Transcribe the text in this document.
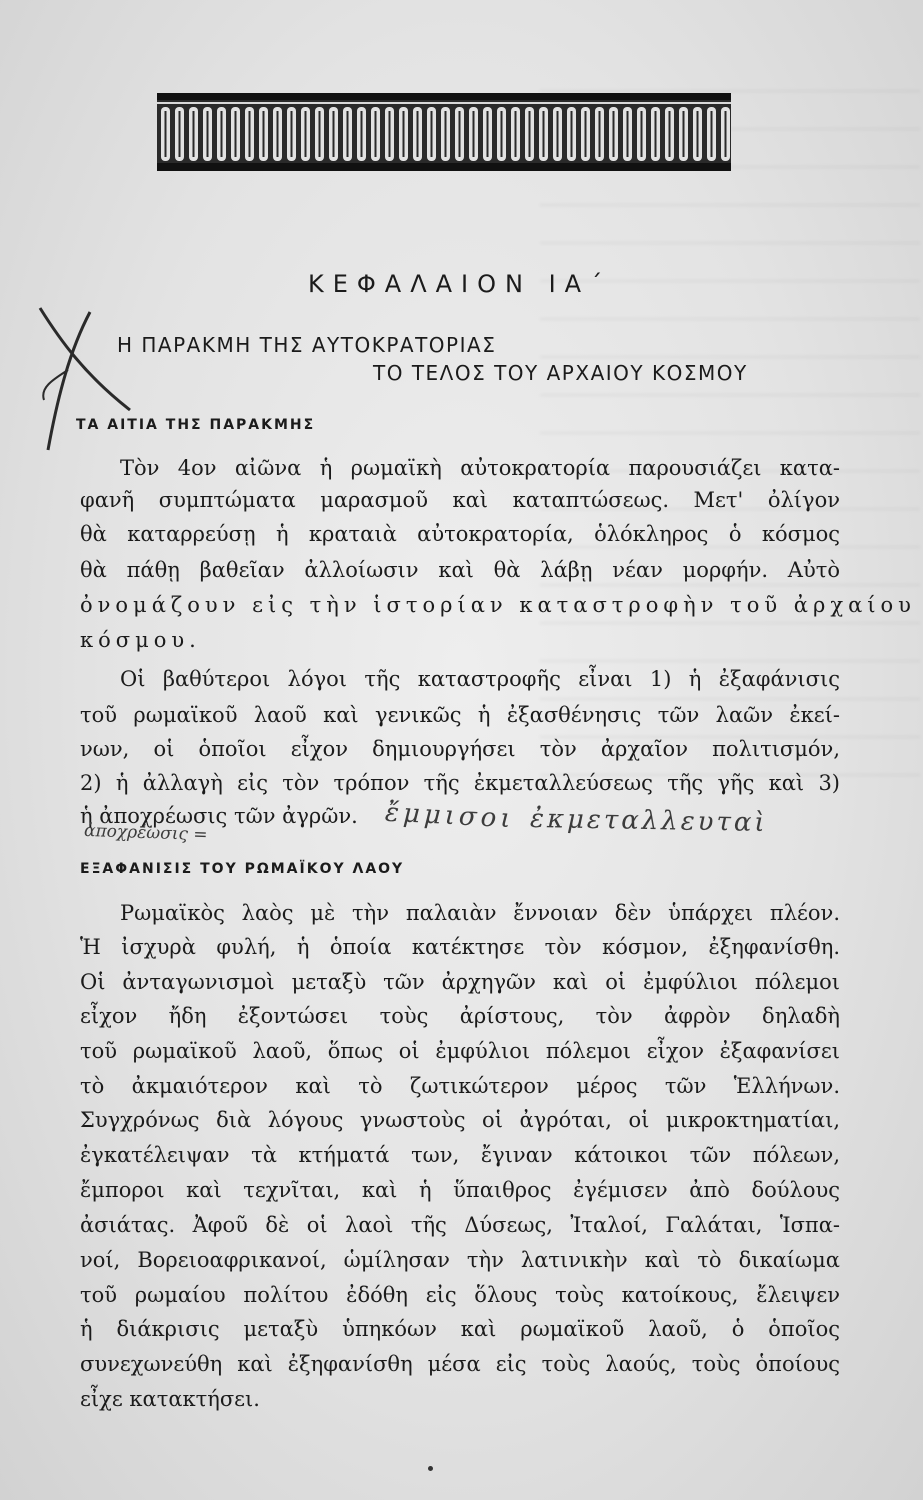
ΚΕΦΑΛΑΙΟΝ ΙΑ΄
Η ΠΑΡΑΚΜΗ ΤΗΣ ΑΥΤΟΚΡΑΤΟΡΙΑΣ
ΤΟ ΤΕΛΟΣ ΤΟΥ ΑΡΧΑΙΟΥ ΚΟΣΜΟΥ
ΤΑ ΑΙΤΙΑ ΤΗΣ ΠΑΡΑΚΜΗΣ
Τὸν 4ον αἰῶνα ἡ ρωμαϊκὴ αὐτοκρατορία παρουσιάζει κατα-
φανῆ συμπτώματα μαρασμοῦ καὶ καταπτώσεως. Μετ' ὀλίγον
θὰ καταρρεύσῃ ἡ κραταιὰ αὐτοκρατορία, ὁλόκληρος ὁ κόσμος
θὰ πάθῃ βαθεῖαν ἀλλοίωσιν καὶ θὰ λάβῃ νέαν μορφήν. Αὐτὸ
ὀνομάζουν εἰς τὴν ἱστορίαν καταστροφὴν τοῦ ἀρχαίου
κόσμου.
Οἱ βαθύτεροι λόγοι τῆς καταστροφῆς εἶναι 1) ἡ ἐξαφάνισις
τοῦ ρωμαϊκοῦ λαοῦ καὶ γενικῶς ἡ ἐξασθένησις τῶν λαῶν ἐκεί-
νων, οἱ ὁποῖοι εἶχον δημιουργήσει τὸν ἀρχαῖον πολιτισμόν,
2) ἡ ἀλλαγὴ εἰς τὸν τρόπον τῆς ἐκμεταλλεύσεως τῆς γῆς καὶ 3)
ἡ ἀποχρέωσις τῶν ἀγρῶν.
ἀποχρέωσις =	ἔμμισοι ἐκμεταλλευταὶ
ΕΞΑΦΑΝΙΣΙΣ ΤΟΥ ΡΩΜΑΪΚΟΥ ΛΑΟΥ
Ρωμαϊκὸς λαὸς μὲ τὴν παλαιὰν ἔννοιαν δὲν ὑπάρχει πλέον.
Ἡ ἰσχυρὰ φυλή, ἡ ὁποία κατέκτησε τὸν κόσμον, ἐξηφανίσθη.
Οἱ ἀνταγωνισμοὶ μεταξὺ τῶν ἀρχηγῶν καὶ οἱ ἐμφύλιοι πόλεμοι
εἶχον ἤδη ἐξοντώσει τοὺς ἀρίστους, τὸν ἀφρὸν δηλαδὴ
τοῦ ρωμαϊκοῦ λαοῦ, ὅπως οἱ ἐμφύλιοι πόλεμοι εἶχον ἐξαφανίσει
τὸ ἀκμαιότερον καὶ τὸ ζωτικώτερον μέρος τῶν Ἑλλήνων.
Συγχρόνως διὰ λόγους γνωστοὺς οἱ ἀγρόται, οἱ μικροκτηματίαι,
ἐγκατέλειψαν τὰ κτήματά των, ἔγιναν κάτοικοι τῶν πόλεων,
ἔμποροι καὶ τεχνῖται, καὶ ἡ ὕπαιθρος ἐγέμισεν ἀπὸ δούλους
ἀσιάτας. Ἀφοῦ δὲ οἱ λαοὶ τῆς Δύσεως, Ἰταλοί, Γαλάται, Ἱσπα-
νοί, Βορειοαφρικανοί, ὡμίλησαν τὴν λατινικὴν καὶ τὸ δικαίωμα
τοῦ ρωμαίου πολίτου ἐδόθη εἰς ὅλους τοὺς κατοίκους, ἔλειψεν
ἡ διάκρισις μεταξὺ ὑπηκόων καὶ ρωμαϊκοῦ λαοῦ, ὁ ὁποῖος
συνεχωνεύθη καὶ ἐξηφανίσθη μέσα εἰς τοὺς λαούς, τοὺς ὁποίους
εἶχε κατακτήσει.
